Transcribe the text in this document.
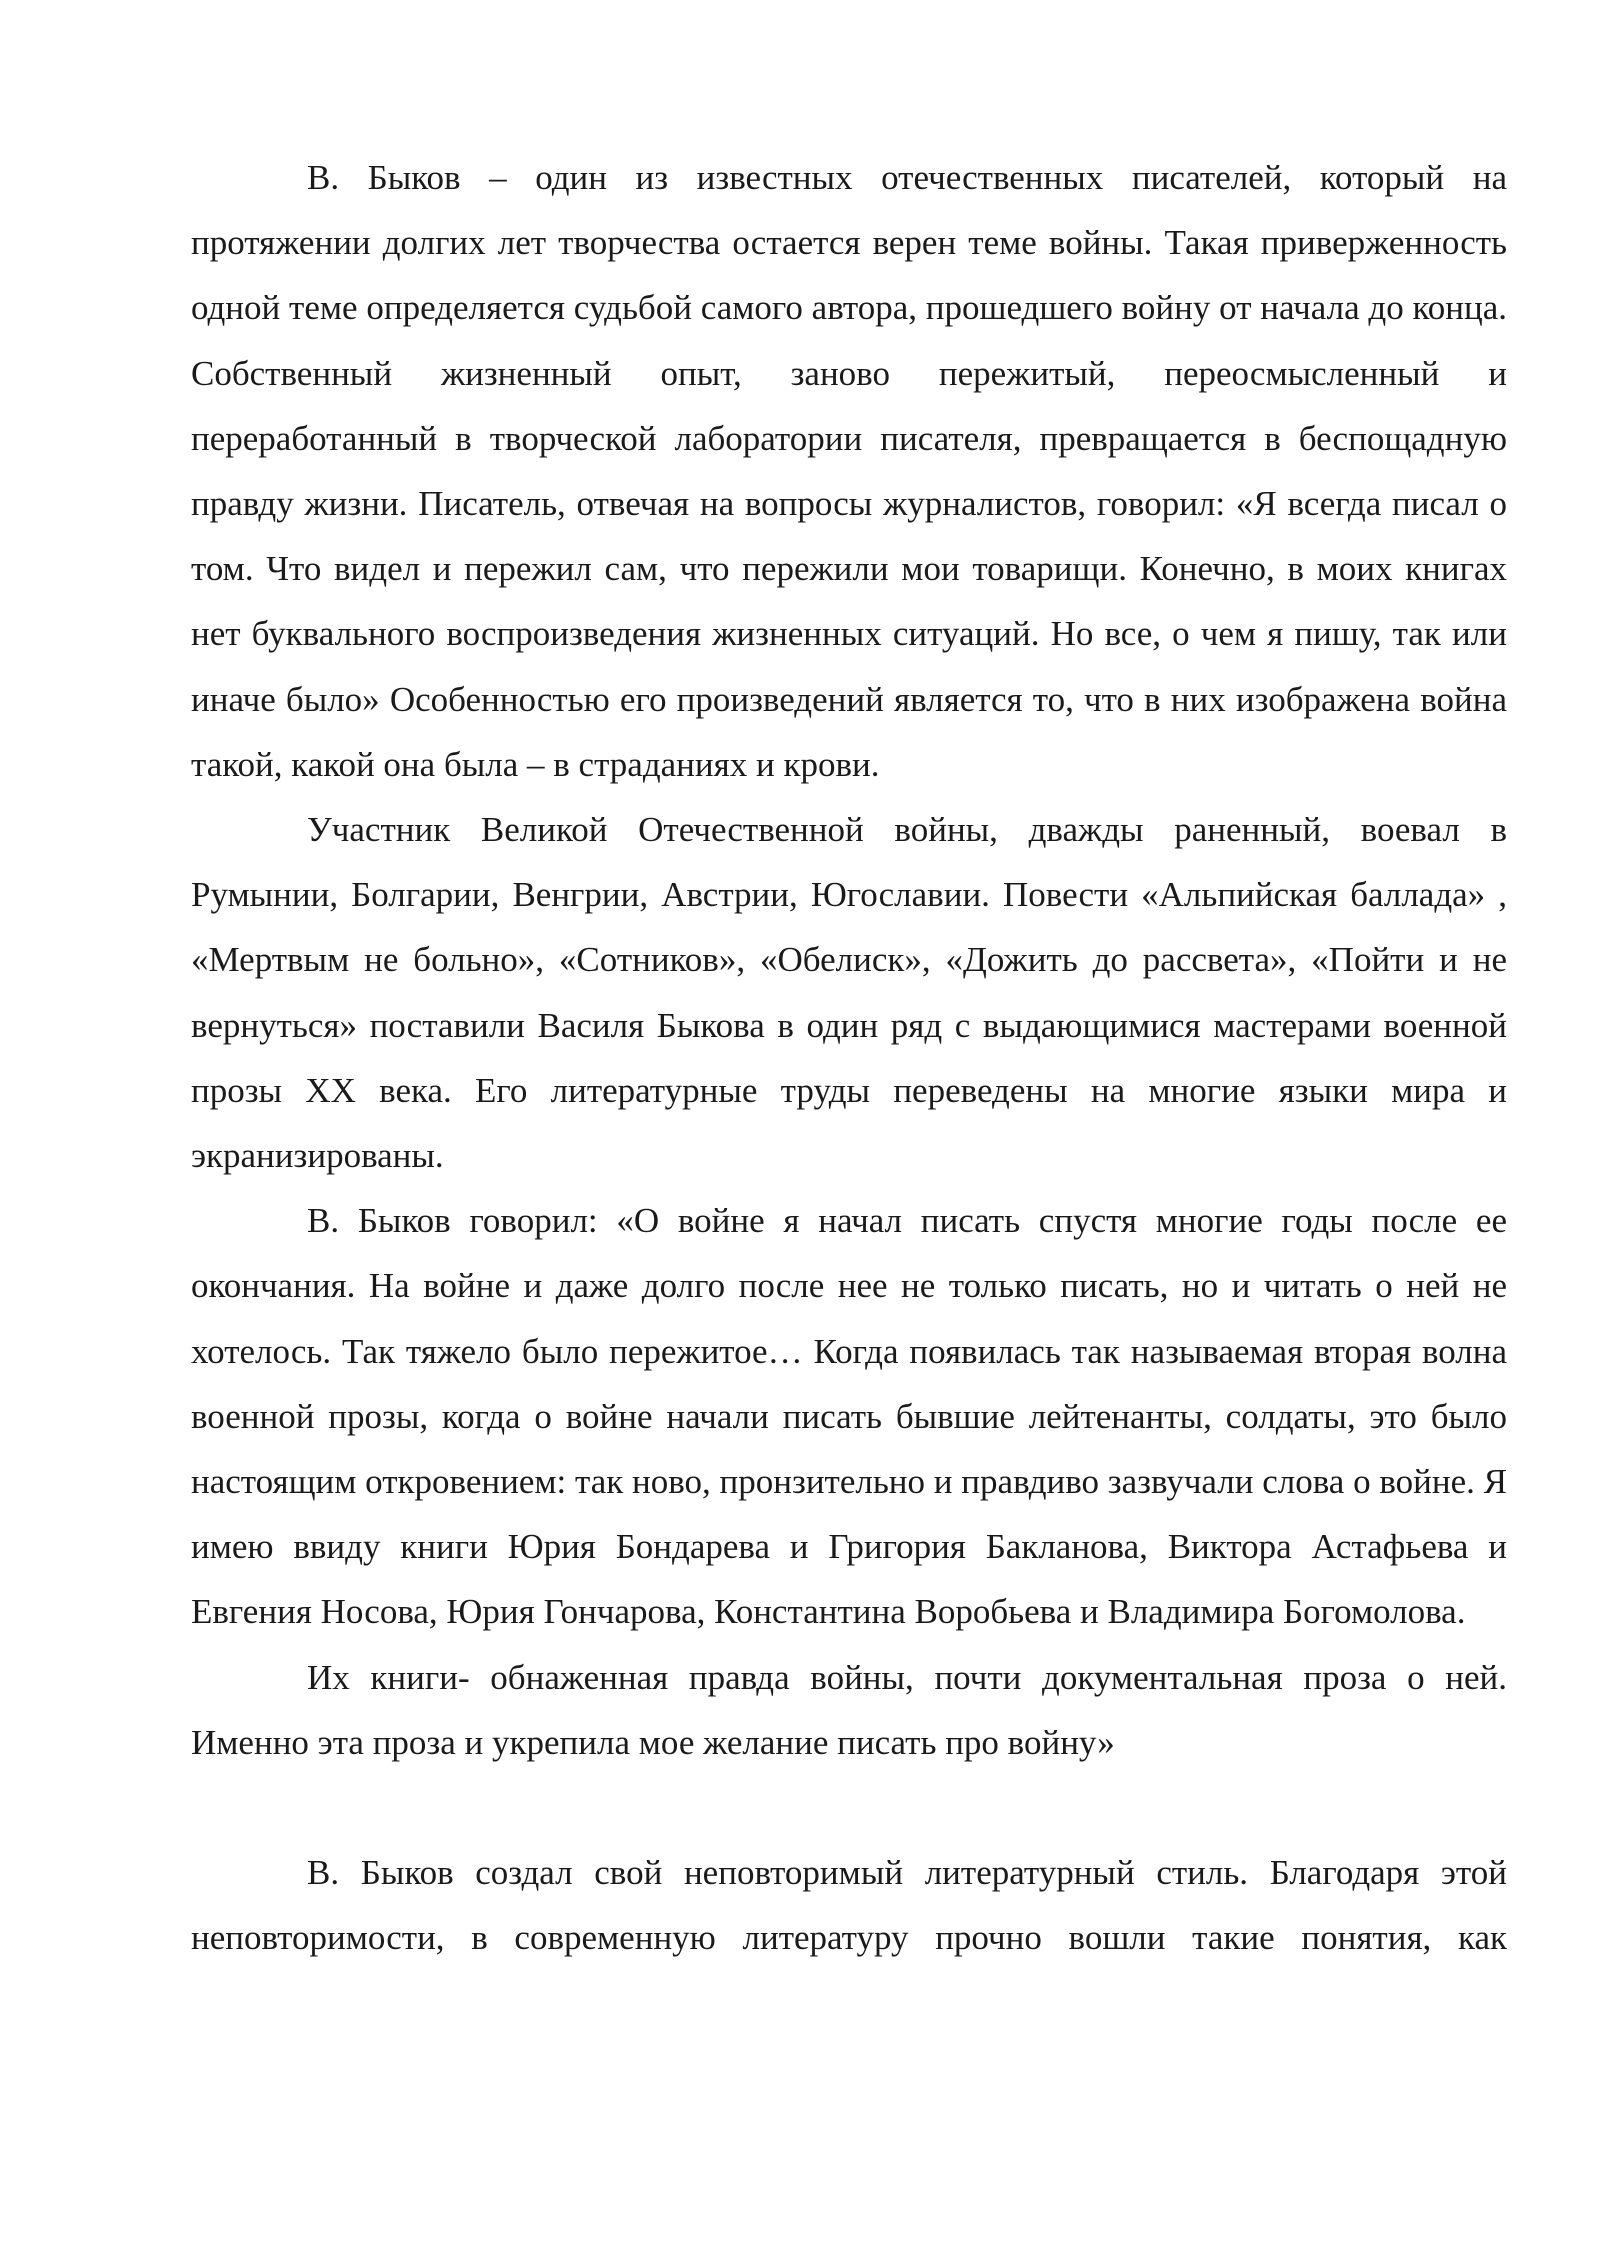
В. Быков – один из известных отечественных писателей, который на протяжении долгих лет творчества остается верен теме войны. Такая приверженность одной теме определяется судьбой самого автора, прошедшего войну от начала до конца. Собственный жизненный опыт, заново пережитый, переосмысленный и переработанный в творческой лаборатории писателя, превращается в беспощадную правду жизни. Писатель, отвечая на вопросы журналистов, говорил: «Я всегда писал о том. Что видел и пережил сам, что пережили мои товарищи. Конечно, в моих книгах нет буквального воспроизведения жизненных ситуаций. Но все, о чем я пишу, так или иначе было» Особенностью его произведений является то, что в них изображена война такой, какой она была – в страданиях и крови.

Участник Великой Отечественной войны, дважды раненный, воевал в Румынии, Болгарии, Венгрии, Австрии, Югославии. Повести «Альпийская баллада» , «Мертвым не больно», «Сотников», «Обелиск», «Дожить до рассвета», «Пойти и не вернуться» поставили Василя Быкова в один ряд с выдающимися мастерами военной прозы XX века. Его литературные труды переведены на многие языки мира и экранизированы.

В. Быков говорил: «О войне я начал писать спустя многие годы после ее окончания. На войне и даже долго после нее не только писать, но и читать о ней не хотелось. Так тяжело было пережитое… Когда появилась так называемая вторая волна военной прозы, когда о войне начали писать бывшие лейтенанты, солдаты, это было настоящим откровением: так ново, пронзительно и правдиво зазвучали слова о войне. Я имею ввиду книги Юрия Бондарева и Григория Бакланова, Виктора Астафьева и Евгения Носова, Юрия Гончарова, Константина Воробьева и Владимира Богомолова.

Их книги- обнаженная правда войны, почти документальная проза о ней. Именно эта проза и укрепила мое желание писать про войну»

В. Быков создал свой неповторимый литературный стиль. Благодаря этой неповторимости, в современную литературу прочно вошли такие понятия, как
